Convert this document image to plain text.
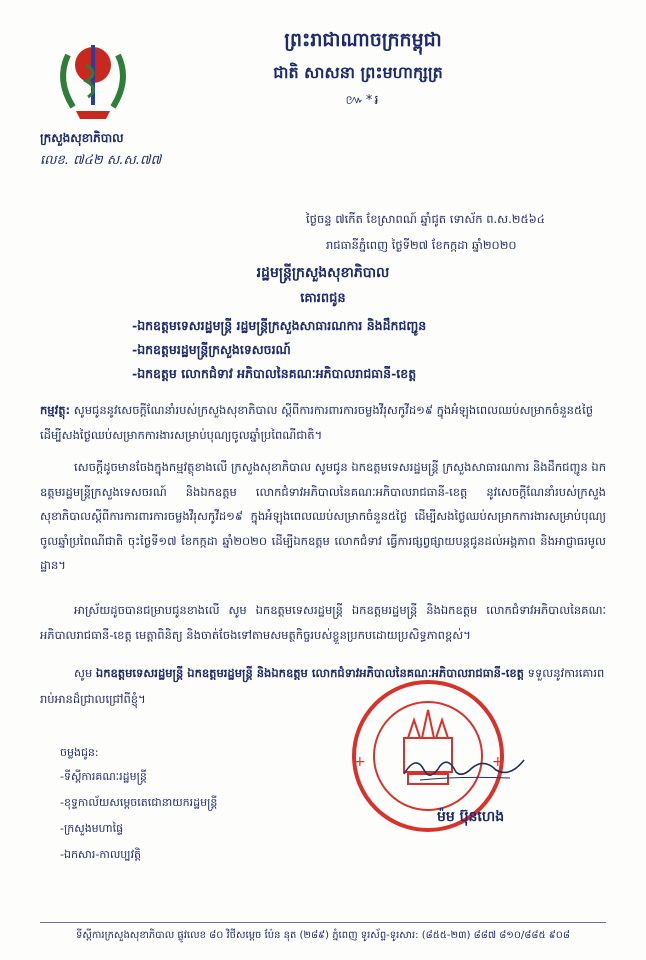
ព្រះរាជាណាចក្រកម្ពុជា
ជាតិ សាសនា ព្រះមហាក្សត្រ
៚*៛
ក្រសួងសុខាភិបាល
លេខ. ៧៤២ ស.ស.៧៧
ថ្ងៃចន្ទ ៧កើត ខែស្រាពណ៍ ឆ្នាំជូត ទោស័ក ព.ស.២៥៦៤
រាជធានីភ្នំពេញ ថ្ងៃទី២៧ ខែកក្កដា ឆ្នាំ២០២០
រដ្ឋមន្ត្រីក្រសួងសុខាភិបាល
គោរពជូន
-ឯកឧត្តមទេសរដ្ឋមន្ត្រី រដ្ឋមន្ត្រីក្រសួងសាធារណការ និងដឹកជញ្ជូន
-ឯកឧត្តមរដ្ឋមន្ត្រីក្រសួងទេសចរណ៍
-ឯកឧត្តម លោកជំទាវ អភិបាលនៃគណៈអភិបាលរាជធានី-ខេត្ត
កម្មវត្ថុ: សូមជូននូវសេចក្តីណែនាំរបស់ក្រសួងសុខាភិបាល ស្តីពីការការពារការចម្លងវីរុសកូវីដ១៩ ក្នុងអំឡុងពេលឈប់សម្រាកចំនួន៥ថ្ងៃ ដើម្បីសងថ្ងៃឈប់សម្រាកការងារសម្រាប់បុណ្យចូលឆ្នាំប្រពៃណីជាតិ។
សេចក្តីដូចមានចែងក្នុងកម្មវត្ថុខាងលើ ក្រសួងសុខាភិបាល សូមជូន ឯកឧត្តមទេសរដ្ឋមន្ត្រី ក្រសួងសាធារណការ និងដឹកជញ្ជូន ឯកឧត្តមរដ្ឋមន្ត្រីក្រសួងទេសចរណ៍ និងឯកឧត្តម លោកជំទាវអភិបាលនៃគណៈអភិបាលរាជធានី-ខេត្ត នូវសេចក្តីណែនាំរបស់ក្រសួងសុខាភិបាលស្តីពីការការពារការចម្លងវីរុសកូវីដ១៩ ក្នុងអំឡុងពេលឈប់សម្រាកចំនួន៥ថ្ងៃ ដើម្បីសងថ្ងៃឈប់សម្រាកការងារសម្រាប់បុណ្យចូលឆ្នាំប្រពៃណីជាតិ ចុះថ្ងៃទី១៧ ខែកក្កដា ឆ្នាំ២០២០ ដើម្បីឯកឧត្តម លោកជំទាវ ធ្វើការផ្សព្វផ្សាយបន្តជូនដល់អង្គភាព និងអាជ្ញាធរមូលដ្ឋាន។
អាស្រ័យដូចបានជម្រាបជូនខាងលើ សូម ឯកឧត្តមទេសរដ្ឋមន្ត្រី ឯកឧត្តមរដ្ឋមន្ត្រី និងឯកឧត្តម លោកជំទាវអភិបាលនៃគណៈអភិបាលរាជធានី-ខេត្ត មេត្តាពិនិត្យ និងចាត់ចែងទៅតាមសមត្ថកិច្ចរបស់ខ្លួនប្រកបដោយប្រសិទ្ធភាពខ្ពស់។
សូម ឯកឧត្តមទេសរដ្ឋមន្ត្រី ឯកឧត្តមរដ្ឋមន្ត្រី និងឯកឧត្តម លោកជំទាវអភិបាលនៃគណៈអភិបាលរាជធានី-ខេត្ត ទទួលនូវការគោរពរាប់អានដ៏ជ្រាលជ្រៅពីខ្ញុំ។
ចម្លងជូន:
-ទីស្តីការគណៈរដ្ឋមន្ត្រី
-ខុទ្ទកាល័យសម្តេចតេជោនាយករដ្ឋមន្ត្រី
-ក្រសួងមហាផ្ទៃ
-ឯកសារ-កាលប្បវត្តិ
+	+
ម៉ម ប៊ុនហេង
ទីស្តីការក្រសួងសុខាភិបាល ផ្លូវលេខ ៨០ វិថីសម្តេច ប៉ែន នុត (២៨៩) ភ្នំពេញ ទូរស័ព្ទ-ទូរសារ: (៨៥៥-២៣) ៨៨៧ ៨១០/៨៨៥ ៩០៨
